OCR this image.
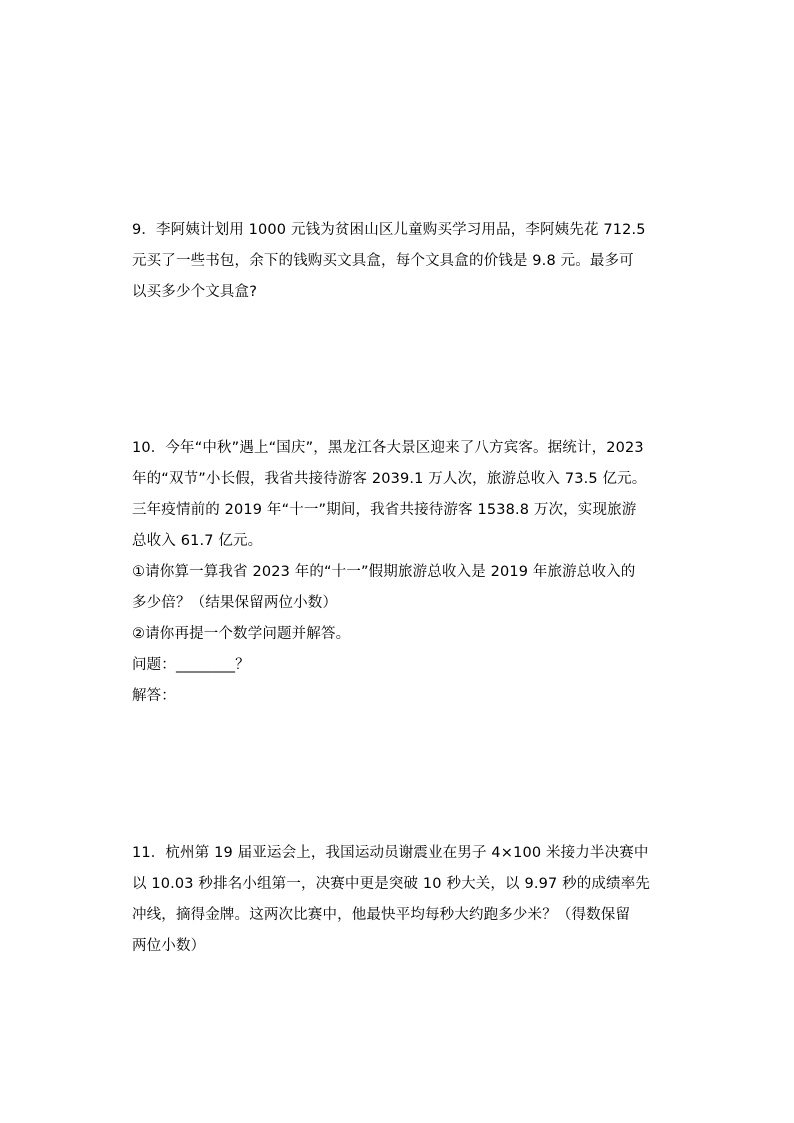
9．李阿姨计划用 1000 元钱为贫困山区儿童购买学习用品，李阿姨先花 712.5
元买了一些书包，余下的钱购买文具盒，每个文具盒的价钱是 9.8 元。最多可
以买多少个文具盒?
10．今年“中秋”遇上“国庆”，黑龙江各大景区迎来了八方宾客。据统计，2023
年的“双节”小长假，我省共接待游客 2039.1 万人次，旅游总收入 73.5 亿元。
三年疫情前的 2019 年“十一”期间，我省共接待游客 1538.8 万次，实现旅游
总收入 61.7 亿元。
①请你算一算我省 2023 年的“十一”假期旅游总收入是 2019 年旅游总收入的
多少倍？（结果保留两位小数）
②请你再提一个数学问题并解答。
问题：________？
解答：
11．杭州第 19 届亚运会上，我国运动员谢震业在男子 4×100 米接力半决赛中
以 10.03 秒排名小组第一，决赛中更是突破 10 秒大关，以 9.97 秒的成绩率先
冲线，摘得金牌。这两次比赛中，他最快平均每秒大约跑多少米？（得数保留
两位小数）
